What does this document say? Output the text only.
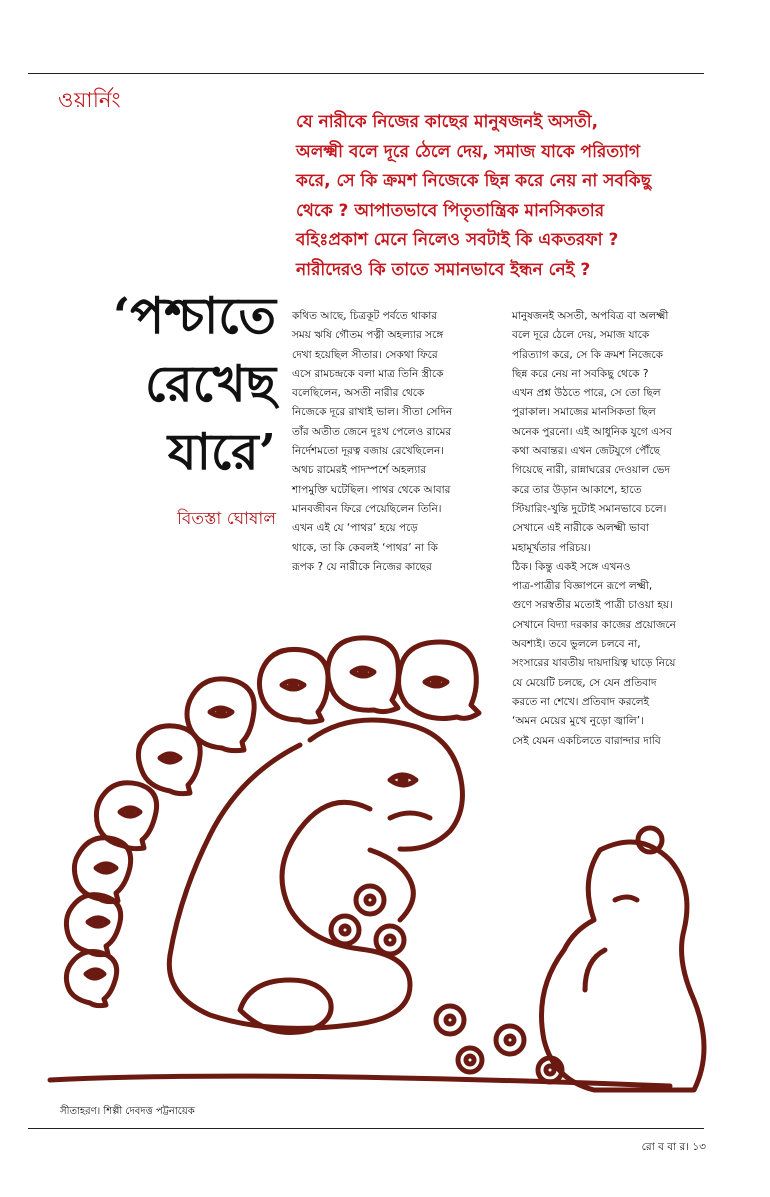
ওয়ার্নিং
যে নারীকে নিজের কাছের মানুষজনই অসতী,
অলক্ষ্মী বলে দূরে ঠেলে দেয়, সমাজ যাকে পরিত্যাগ
করে, সে কি ক্রমশ নিজেকে ছিন্ন করে নেয় না সবকিছু
থেকে ? আপাতভাবে পিতৃতান্ত্রিক মানসিকতার
বহিঃপ্রকাশ মেনে নিলেও সবটাই কি একতরফা ?
নারীদেরও কি তাতে সমানভাবে ইন্ধন নেই ?
‘পশ্চাতে
রেখেছ
যারে’
বিতস্তা ঘোষাল
কথিত আছে, চিত্রকূট পর্বতে থাকার
সময় ঋষি গৌতম পত্নী অহল্যার সঙ্গে
দেখা হয়েছিল সীতার। সেকথা ফিরে
এসে রামচন্দ্রকে বলা মাত্র তিনি স্ত্রীকে
বলেছিলেন, অসতী নারীর থেকে
নিজেকে দূরে রাখাই ভাল। সীতা সেদিন
তাঁর অতীত জেনে দুঃখ পেলেও রামের
নির্দেশমতো দূরত্ব বজায় রেখেছিলেন।
অথচ রামেরই পাদস্পর্শে অহল্যার
শাপমুক্তি ঘটেছিল। পাথর থেকে আবার
মানবজীবন ফিরে পেয়েছিলেন তিনি।
এখন এই যে ‘পাথর’ হয়ে পড়ে
থাকে, তা কি কেবলই ‘পাথর’ না কি
রূপক ? যে নারীকে নিজের কাছের
মানুষজনই অসতী, অপবিত্র বা অলক্ষ্মী
বলে দূরে ঠেলে দেয়, সমাজ যাকে
পরিত্যাগ করে, সে কি ক্রমশ নিজেকে
ছিন্ন করে নেয় না সবকিছু থেকে ?
এখন প্রশ্ন উঠতে পারে, সে তো ছিল
পুরাকাল। সমাজের মানসিকতা ছিল
অনেক পুরনো। এই আধুনিক যুগে এসব
কথা অবান্তর। এখন জেটযুগে পৌঁছে
গিয়েছে নারী, রান্নাঘরের দেওয়াল ভেদ
করে তার উড়ান আকাশে, হাতে
স্টিয়ারিং-খুন্তি দুটোই সমানভাবে চলে।
সেখানে এই নারীকে অলক্ষ্মী ভাবা
মহামূর্খতার পরিচয়।
ঠিক। কিন্তু একই সঙ্গে এখনও
পাত্র-পাত্রীর বিজ্ঞাপনে রূপে লক্ষ্মী,
গুণে সরস্বতীর মতোই পাত্রী চাওয়া হয়।
সেখানে বিদ্যা দরকার কাজের প্রয়োজনে
অবশ্যই। তবে ভুললে চলবে না,
সংসারের যাবতীয় দায়দায়িত্ব ঘাড়ে নিয়ে
যে মেয়েটি চলছে, সে যেন প্রতিবাদ
করতে না শেখে। প্রতিবাদ করলেই
‘অমন মেয়ের মুখে নুড়ো জ্বালি’।
সেই যেমন একচিলতে বারান্দার দাবি
সীতাহরণ। শিল্পী দেবদত্ত পট্টনায়েক
রো ব বা র। ১৩
